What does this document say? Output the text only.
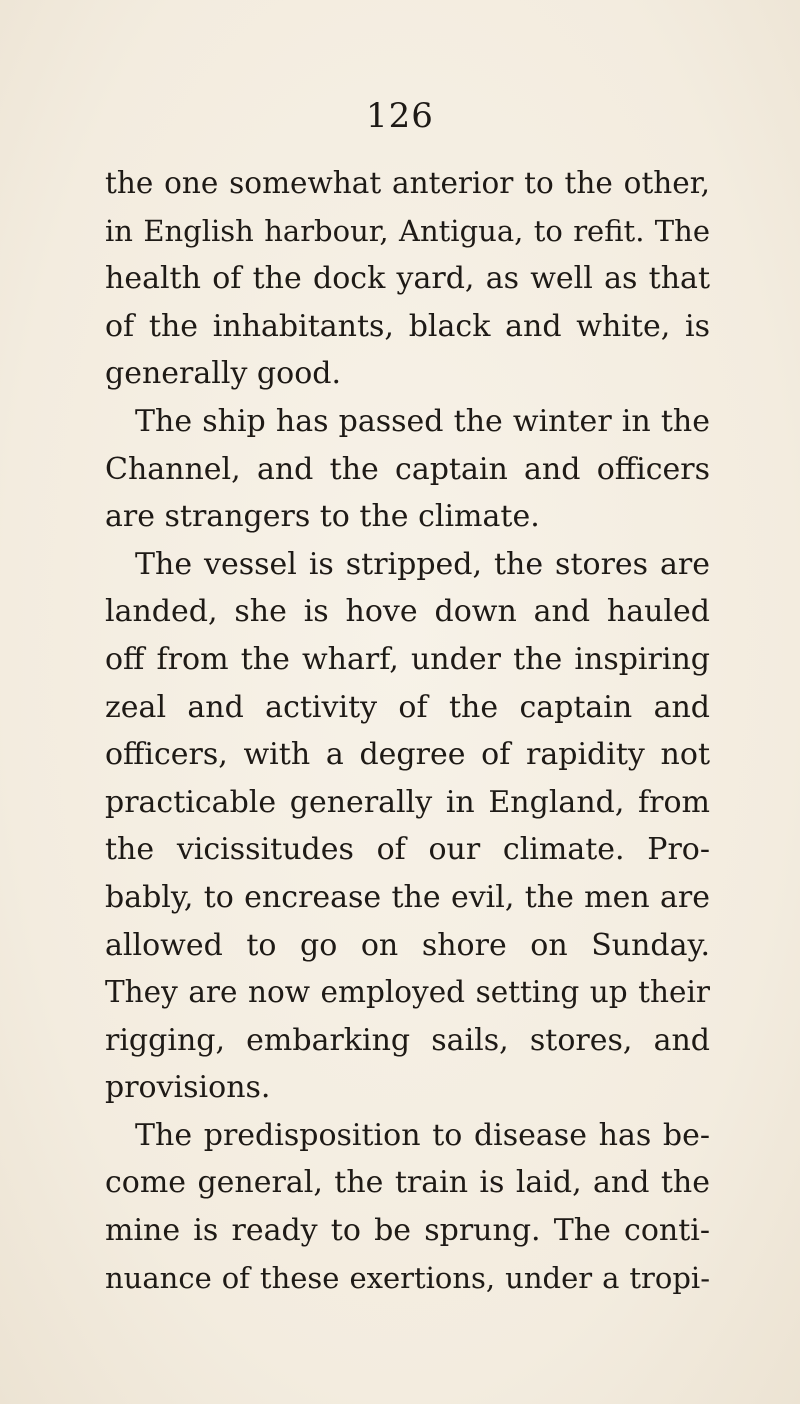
126
the one somewhat anterior to the other,
in English harbour, Antigua, to refit. The
health of the dock yard, as well as that
of the inhabitants, black and white, is
generally good.
The ship has passed the winter in the
Channel, and the captain and officers
are strangers to the climate.
The vessel is stripped, the stores are
landed, she is hove down and hauled
off from the wharf, under the inspiring
zeal and activity of the captain and
officers, with a degree of rapidity not
practicable generally in England, from
the vicissitudes of our climate. Pro-
bably, to encrease the evil, the men are
allowed to go on shore on Sunday.
They are now employed setting up their
rigging, embarking sails, stores, and
provisions.
The predisposition to disease has be-
come general, the train is laid, and the
mine is ready to be sprung. The conti-
nuance of these exertions, under a tropi-
